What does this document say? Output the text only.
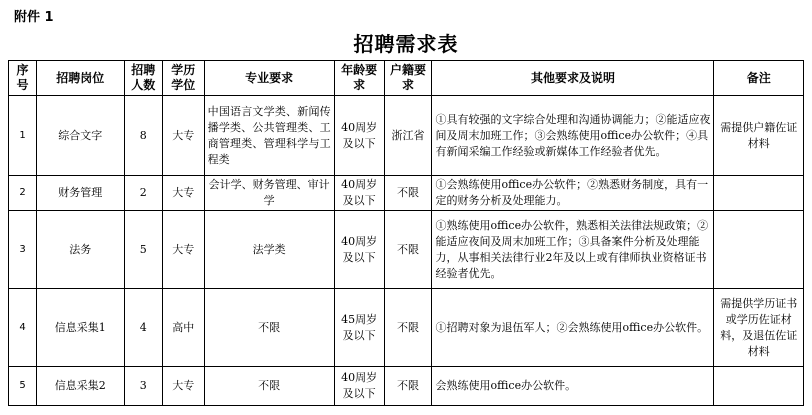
附件 1
招聘需求表
序号	招聘岗位	招聘人数	学历学位	专业要求	年龄要求	户籍要求	其他要求及说明	备注
1	综合文字	8	大专	中国语言文学类、新闻传播学类、公共管理类、工商管理类、管理科学与工程类	40周岁及以下	浙江省	①具有较强的文字综合处理和沟通协调能力；②能适应夜间及周末加班工作；③会熟练使用office办公软件；④具有新闻采编工作经验或新媒体工作经验者优先。	需提供户籍佐证材料
2	财务管理	2	大专	会计学、财务管理、审计学	40周岁及以下	不限	①会熟练使用office办公软件；②熟悉财务制度，具有一定的财务分析及处理能力。	
3	法务	5	大专	法学类	40周岁及以下	不限	①熟练使用office办公软件，熟悉相关法律法规政策；②能适应夜间及周末加班工作；③具备案件分析及处理能力，从事相关法律行业2年及以上或有律师执业资格证书经验者优先。	
4	信息采集1	4	高中	不限	45周岁及以下	不限	①招聘对象为退伍军人；②会熟练使用office办公软件。	需提供学历证书或学历佐证材料，及退伍佐证材料
5	信息采集2	3	大专	不限	40周岁及以下	不限	会熟练使用office办公软件。	
